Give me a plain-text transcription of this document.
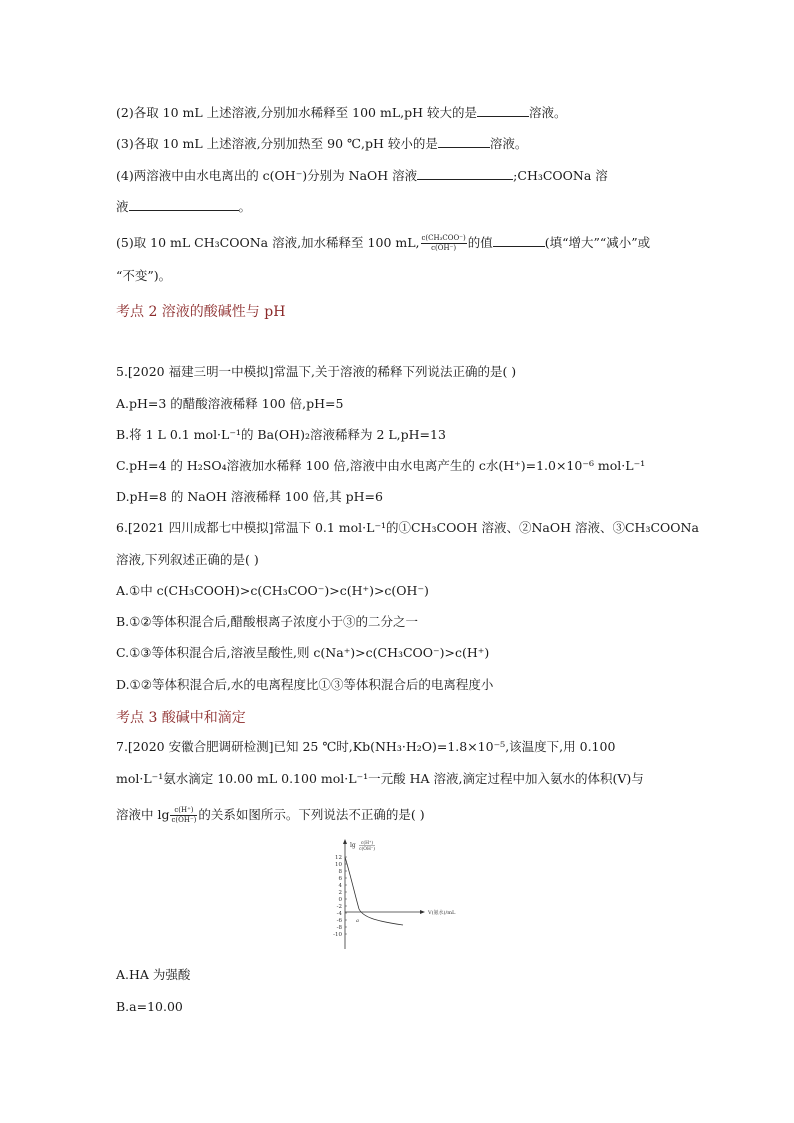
(2)各取 10 mL 上述溶液,分别加水稀释至 100 mL,pH 较大的是	溶液。
(3)各取 10 mL 上述溶液,分别加热至 90 ℃,pH 较小的是	溶液。
(4)两溶液中由水电离出的 c(OH⁻)分别为 NaOH 溶液	;CH₃COONa 溶
液	。
(5)取 10 mL CH₃COONa 溶液,加水稀释至 100 mL, $\frac{\text{c(CH₃COO⁻)}}{c(OH^-)}$ 的值	(填“增大”“减小”或
“不变”)。
考点 2 溶液的酸碱性与 pH
5.[2020 福建三明一中模拟]常温下,关于溶液的稀释下列说法正确的是( )
A.pH=3 的醋酸溶液稀释 100 倍,pH=5
B.将 1 L 0.1 mol·L⁻¹的 Ba(OH)₂溶液稀释为 2 L,pH=13
C.pH=4 的 H₂SO₄溶液加水稀释 100 倍,溶液中由水电离产生的 c水(H⁺)=1.0×10⁻⁶ mol·L⁻¹
D.pH=8 的 NaOH 溶液稀释 100 倍,其 pH=6
6.[2021 四川成都七中模拟]常温下 0.1 mol·L⁻¹的①CH₃COOH 溶液、②NaOH 溶液、③CH₃COONa
溶液,下列叙述正确的是( )
A.①中 c(CH₃COOH)>c(CH₃COO⁻)>c(H⁺)>c(OH⁻)
B.①②等体积混合后,醋酸根离子浓度小于③的二分之一
C.①③等体积混合后,溶液呈酸性,则 c(Na⁺)>c(CH₃COO⁻)>c(H⁺)
D.①②等体积混合后,水的电离程度比①③等体积混合后的电离程度小
考点 3 酸碱中和滴定
7.[2020 安徽合肥调研检测]已知 25 ℃时,Kb(NH₃·H₂O)=1.8×10⁻⁵,该温度下,用 0.100
mol·L⁻¹氨水滴定 10.00 mL 0.100 mol·L⁻¹一元酸 HA 溶液,滴定过程中加入氨水的体积(V)与
溶液中 $\lg \frac{c(H^+)}{c(OH^-)}$ 的关系如图所示。下列说法不正确的是( )
lg c(H⁺)
c(OH⁻)
12
10
8
6
4
2
0
-2
-4
-6
-8
-10
V(氨水)/mL
a
A.HA 为强酸
B.a=10.00
